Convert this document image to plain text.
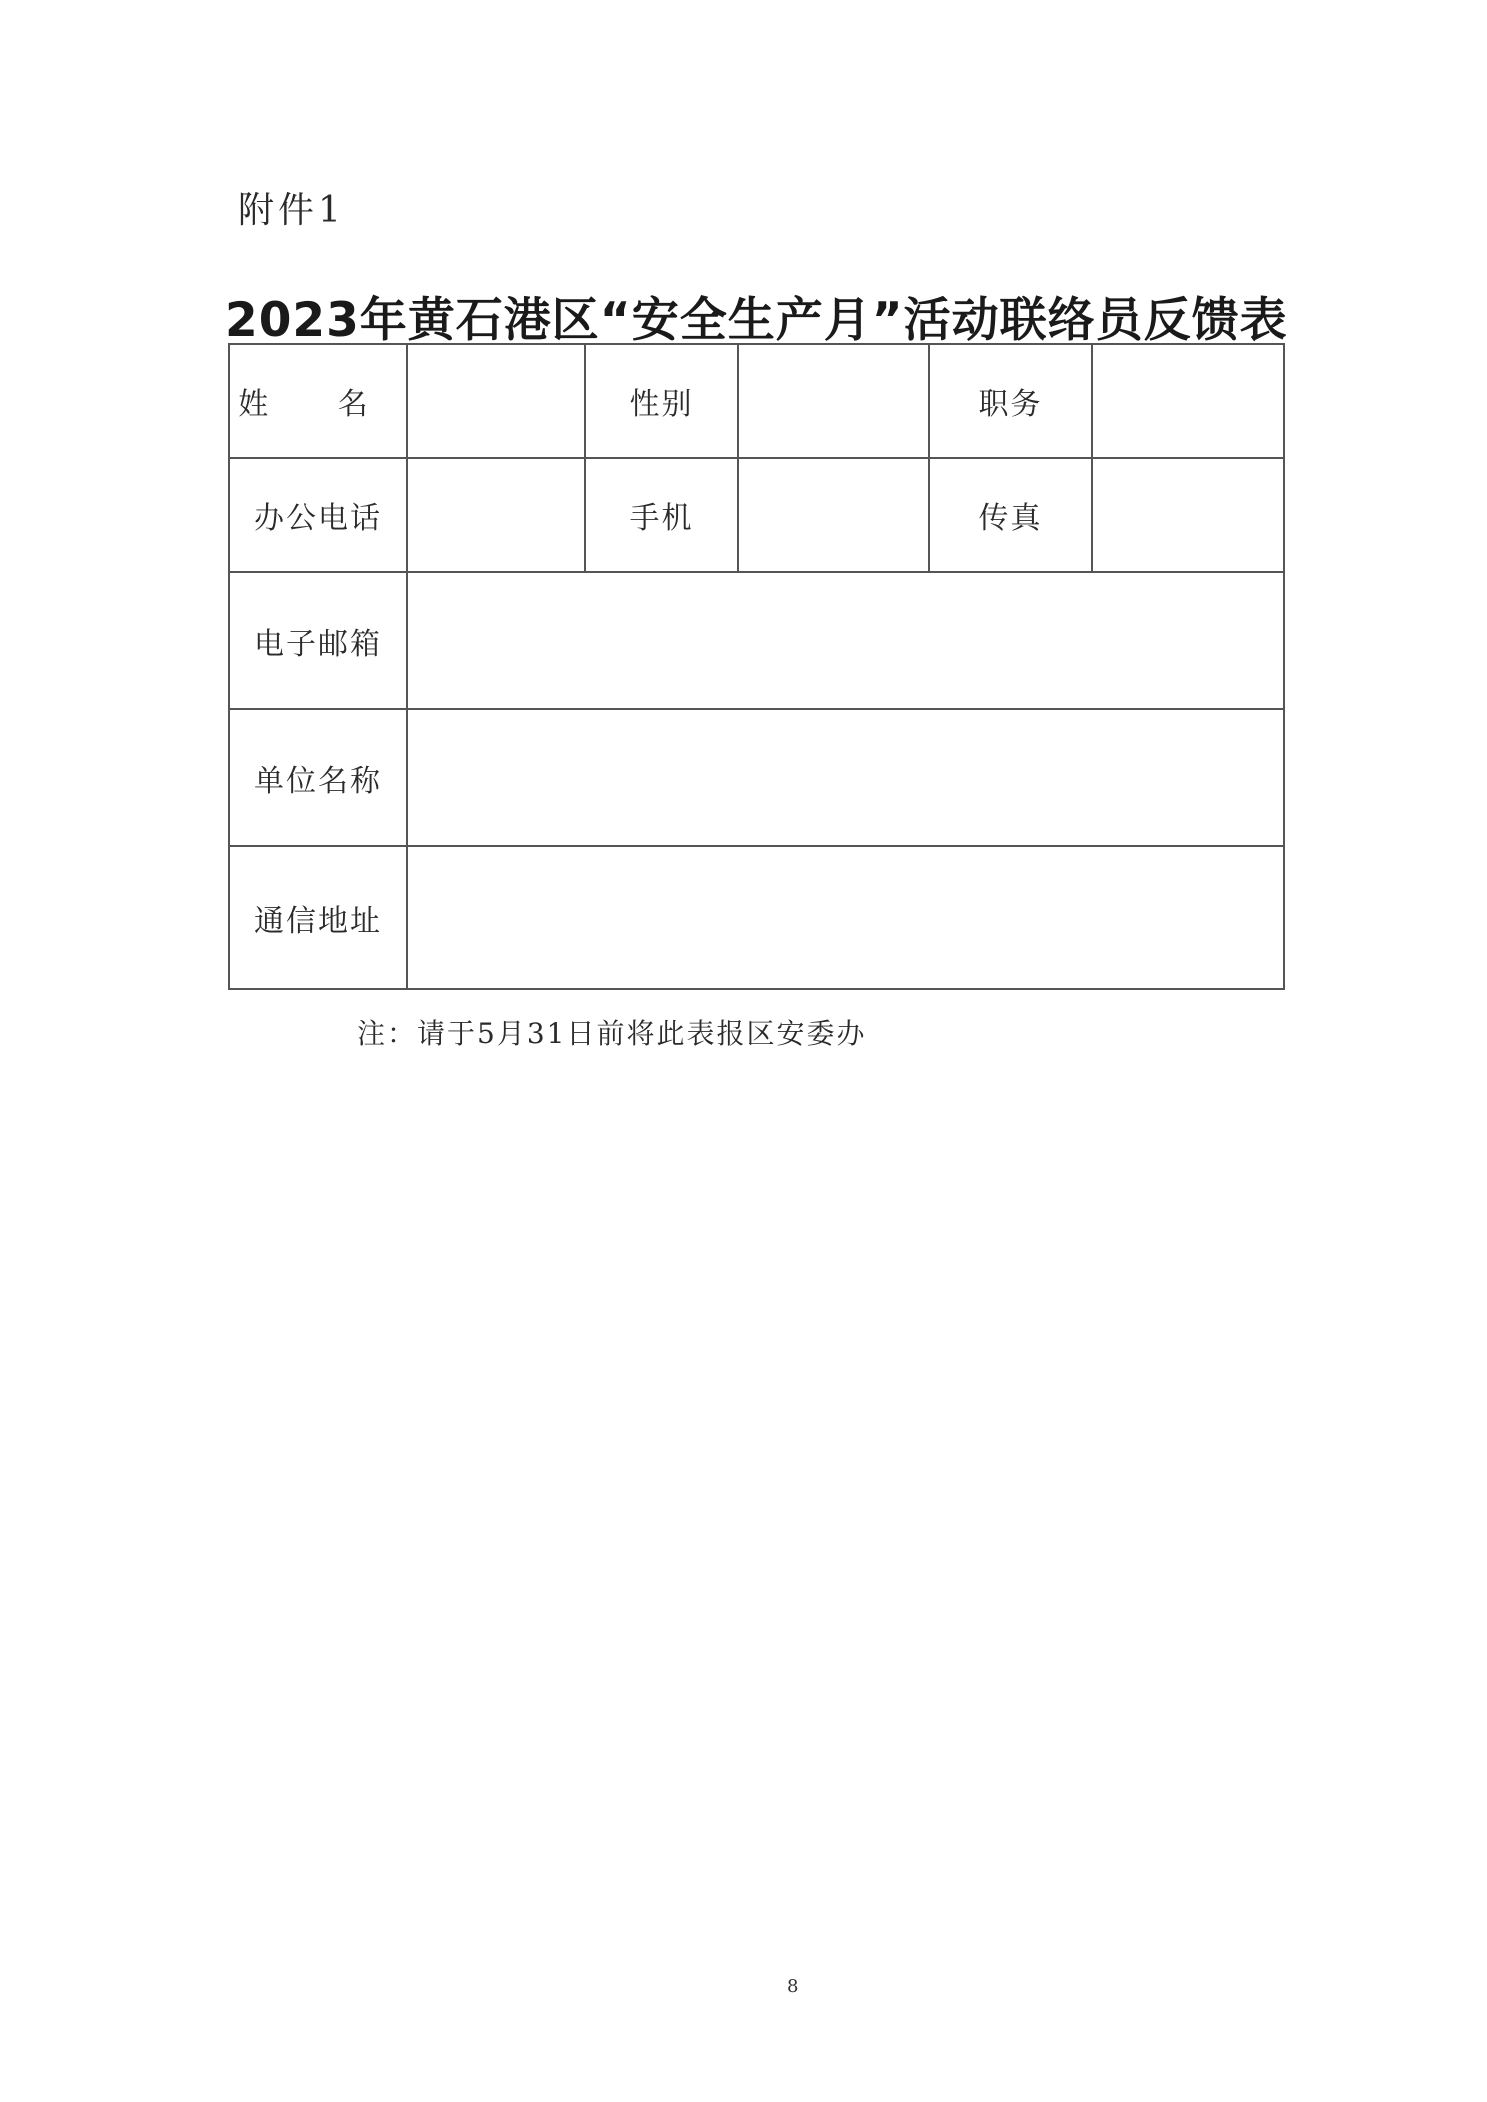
附件1
2023年黄石港区“安全生产月”活动联络员反馈表
姓 名		性别		职务	
办公电话		手机		传真	
电子邮箱					
单位名称					
通信地址					
注：请于5月31日前将此表报区安委办
8
